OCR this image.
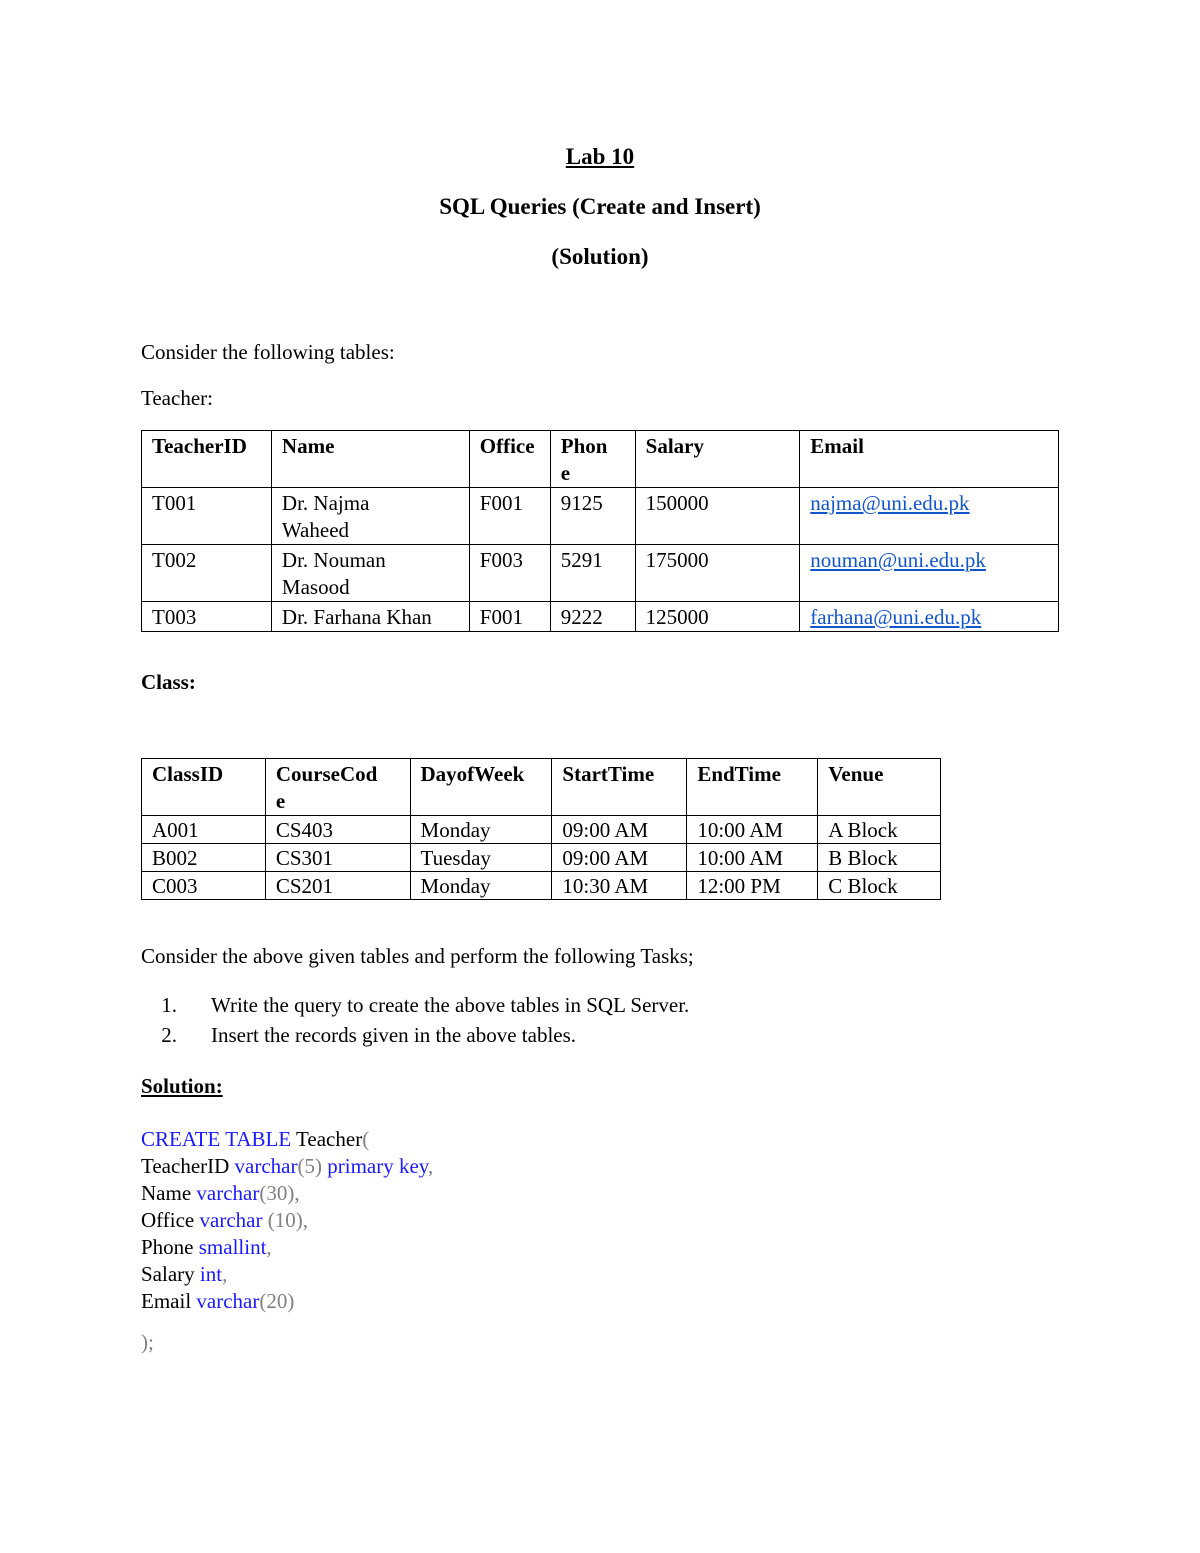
Lab 10
SQL Queries (Create and Insert)
(Solution)
Consider the following tables:
Teacher:
TeacherID	Name	Office	Phon e	Salary	Email
T001	Dr. Najma Waheed	F001	9125	150000	najma@uni.edu.pk
T002	Dr. Nouman Masood	F003	5291	175000	nouman@uni.edu.pk
T003	Dr. Farhana Khan	F001	9222	125000	farhana@uni.edu.pk
Class:
ClassID	CourseCod e	DayofWeek	StartTime	EndTime	Venue
A001	CS403	Monday	09:00 AM	10:00 AM	A Block
B002	CS301	Tuesday	09:00 AM	10:00 AM	B Block
C003	CS201	Monday	10:30 AM	12:00 PM	C Block
Consider the above given tables and perform the following Tasks;
1. Write the query to create the above tables in SQL Server.
2. Insert the records given in the above tables.
Solution:
CREATE TABLE Teacher(
TeacherID varchar(5) primary key,
Name varchar(30),
Office varchar (10),
Phone smallint,
Salary int,
Email varchar(20)
);
